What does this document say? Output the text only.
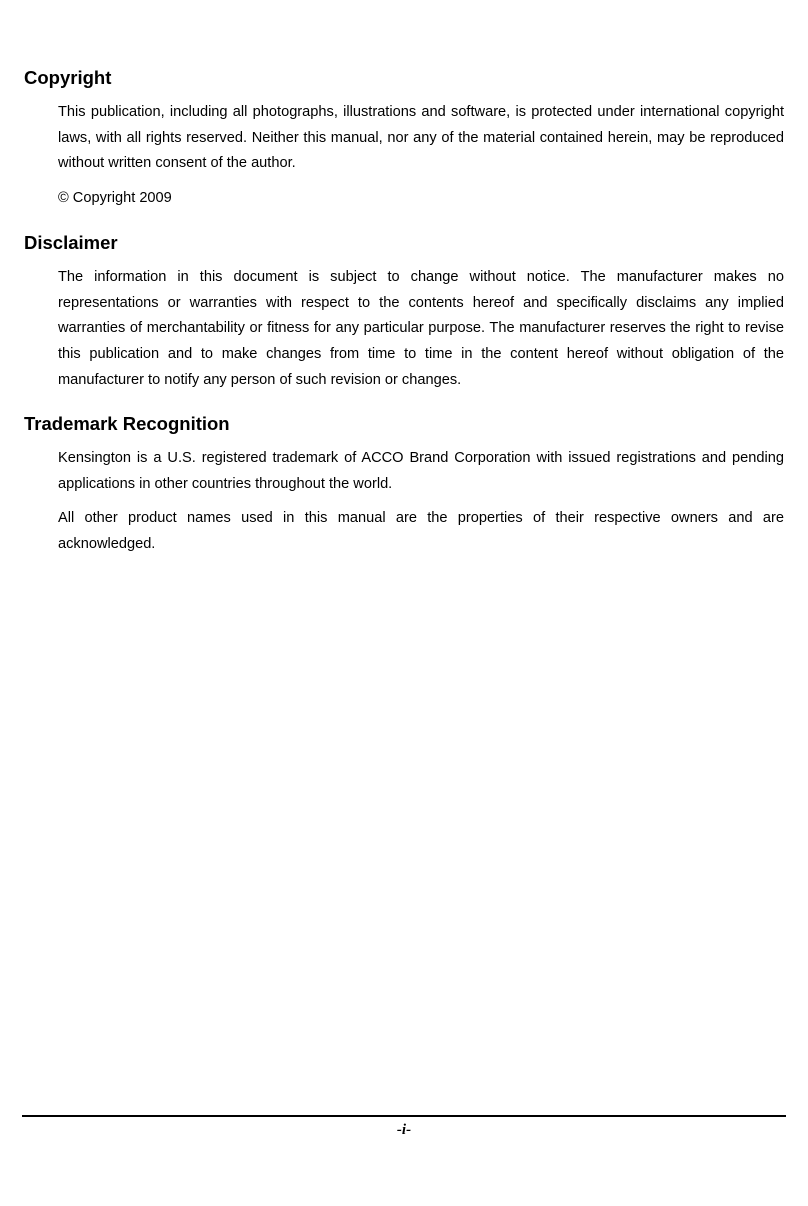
Copyright

This publication, including all photographs, illustrations and software, is protected under international copyright laws, with all rights reserved. Neither this manual, nor any of the material contained herein, may be reproduced without written consent of the author.

© Copyright 2009

Disclaimer

The information in this document is subject to change without notice. The manufacturer makes no representations or warranties with respect to the contents hereof and specifically disclaims any implied warranties of merchantability or fitness for any particular purpose. The manufacturer reserves the right to revise this publication and to make changes from time to time in the content hereof without obligation of the manufacturer to notify any person of such revision or changes.

Trademark Recognition

Kensington is a U.S. registered trademark of ACCO Brand Corporation with issued registrations and pending applications in other countries throughout the world.

All other product names used in this manual are the properties of their respective owners and are acknowledged.

-i-
